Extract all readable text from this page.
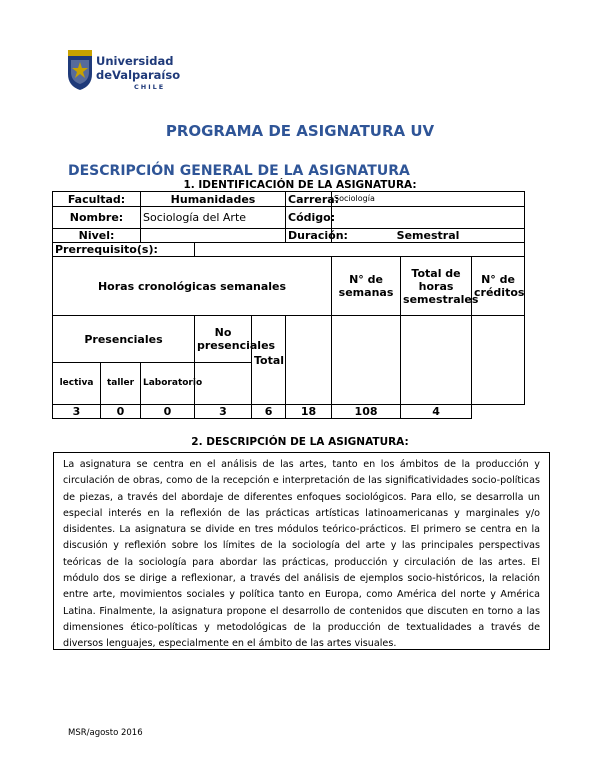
Universidad
deValparaíso
CHILE
PROGRAMA DE ASIGNATURA UV
DESCRIPCIÓN GENERAL DE LA ASIGNATURA
1. IDENTIFICACIÓN DE LA ASIGNATURA:
Facultad:		Humanidades			Carrera:	Sociología		
Nombre:		Sociología del Arte			Código:			
Nivel:					Duración:	Semestral		
Prerrequisito(s):								
Horas cronológicas semanales						N° de semanas	Total de horas semestrales	N° de créditos
Presenciales			No presenciales	Total				
lectiva	taller	Laboratorio						
3	0	0	3	6	18	108	4	
2. DESCRIPCIÓN DE LA ASIGNATURA:
La asignatura se centra en el análisis de las artes, tanto en los ámbitos de la producción y circulación de obras, como de la recepción e interpretación de las significatividades socio-políticas de piezas, a través del abordaje de diferentes enfoques sociológicos. Para ello, se desarrolla un especial interés en la reflexión de las prácticas artísticas latinoamericanas y marginales y/o disidentes. La asignatura se divide en tres módulos teórico-prácticos. El primero se centra en la discusión y reflexión sobre los límites de la sociología del arte y las principales perspectivas teóricas de la sociología para abordar las prácticas, producción y circulación de las artes. El módulo dos se dirige a reflexionar, a través del análisis de ejemplos socio-históricos, la relación entre arte, movimientos sociales y política tanto en Europa, como América del norte y América Latina. Finalmente, la asignatura propone el desarrollo de contenidos que discuten en torno a las dimensiones ético-políticas y metodológicas de la producción de textualidades a través de diversos lenguajes, especialmente en el ámbito de las artes visuales.
MSR/agosto 2016
